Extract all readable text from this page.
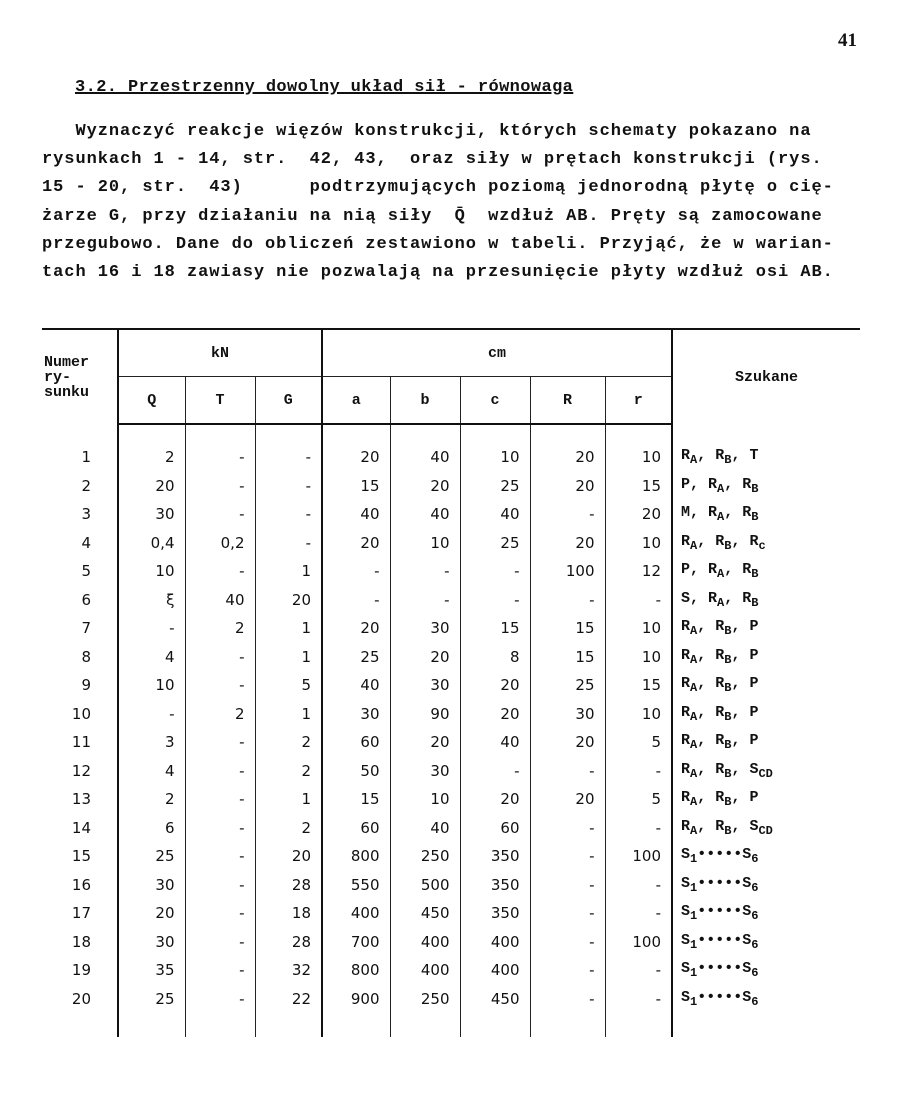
41
3.2. Przestrzenny dowolny układ sił - równowaga
Wyznaczyć reakcje więzów konstrukcji, których schematy pokazano na
rysunkach 1 - 14, str.  42, 43,  oraz siły w prętach konstrukcji (rys.
15 - 20, str.  43)      podtrzymujących poziomą jednorodną płytę o cię-
żarze G, przy działaniu na nią siły  Q̄  wzdłuż AB. Pręty są zamocowane
przegubowo. Dane do obliczeń zestawiono w tabeli. Przyjąć, że w warian-
tach 16 i 18 zawiasy nie pozwalają na przesunięcie płyty wzdłuż osi AB.
Numer ry- sunku	kN			cm					Szukane
	Q	T	G	a	b	c	R	r	
1	2	-	-	20	40	10	20	10	$R_A$, $R_B$, T
2	20	-	-	15	20	25	20	15	P, $R_A$, $R_B$
3	30	-	-	40	40	40	-	20	M, $R_A$, $R_B$
4	0,4	0,2	-	20	10	25	20	10	$R_A$, $R_B$, $R_c$
5	10	-	1	-	-	-	100	12	P, $R_A$, $R_B$
6	ξ	40	20	-	-	-	-	-	S, $R_A$, $R_B$
7	-	2	1	20	30	15	15	10	$R_A$, $R_B$, P
8	4	-	1	25	20	8	15	10	$R_A$, $R_B$, P
9	10	-	5	40	30	20	25	15	$R_A$, $R_B$, P
10	-	2	1	30	90	20	30	10	$R_A$, $R_B$, P
11	3	-	2	60	20	40	20	5	$R_A$, $R_B$, P
12	4	-	2	50	30	-	-	-	$R_A$, $R_B$, $S_{CD}$
13	2	-	1	15	10	20	20	5	$R_A$, $R_B$, P
14	6	-	2	60	40	60	-	-	$R_A$, $R_B$, $S_{CD}$
15	25	-	20	800	250	350	-	100	$S_1•••••S_6$
16	30	-	28	550	500	350	-	-	$S_1•••••S_6$
17	20	-	18	400	450	350	-	-	$S_1•••••S_6$
18	30	-	28	700	400	400	-	100	$S_1•••••S_6$
19	35	-	32	800	400	400	-	-	$S_1•••••S_6$
20	25	-	22	900	250	450	-	-	$S_1•••••S_6$
